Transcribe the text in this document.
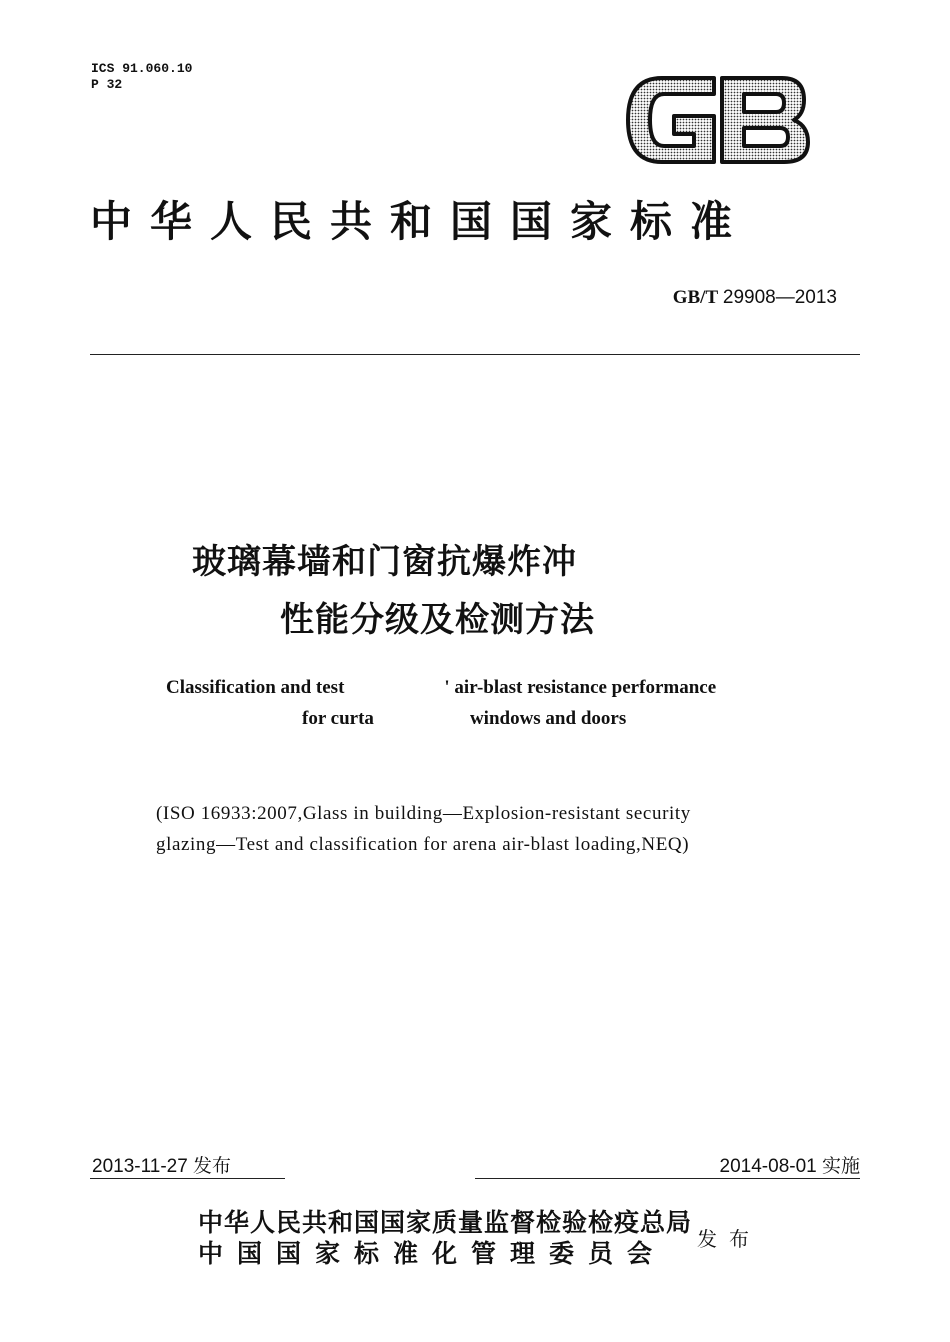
ICS 91.060.10
P 32
中华人民共和国国家标准
GB/T 29908—2013
玻璃幕墙和门窗抗爆炸冲
性能分级及检测方法
Classification and test	' air-blast resistance performance
for curta	windows and doors
(ISO 16933:2007,Glass in building—Explosion-resistant security
glazing—Test and classification for arena air-blast loading,NEQ)
2013-11-27 发布	2014-08-01 实施
中华人民共和国国家质量监督检验检疫总局
中国国家标准化管理委员会 发布
